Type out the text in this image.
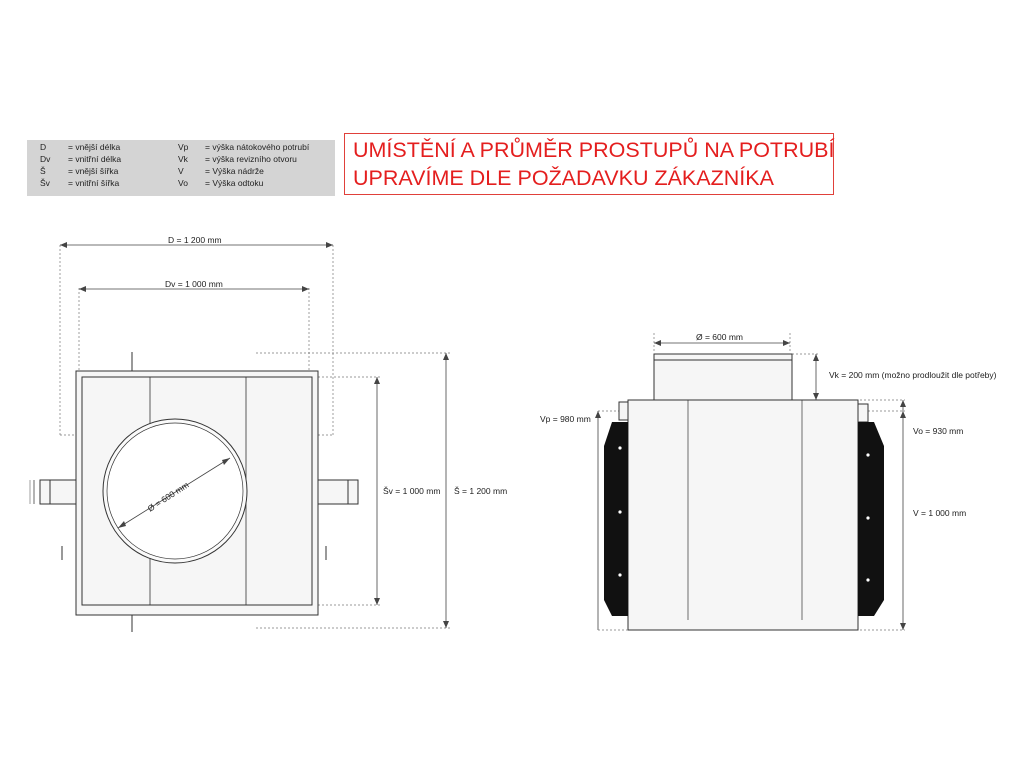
D	= vnější délka
Dv = vnitřní délka
Š	= vnější šířka
Šv = vnitřní šířka
Vp = výška nátokového potrubí
Vk = výška revizního otvoru
V	= Výška nádrže
Vo = Výška odtoku
UMÍSTĚNÍ A PRŮMĚR PROSTUPŮ NA POTRUBÍ
UPRAVÍME DLE POŽADAVKU ZÁKAZNÍKA
D = 1 200 mm
Dv = 1 000 mm
Šv = 1 000 mm Š = 1 200 mm
Ø = 600 mm
Ø = 600 mm
Vk = 200 mm (možno prodloužit dle potřeby)
Vp = 980 mm
Vo = 930 mm
V = 1 000 mm
